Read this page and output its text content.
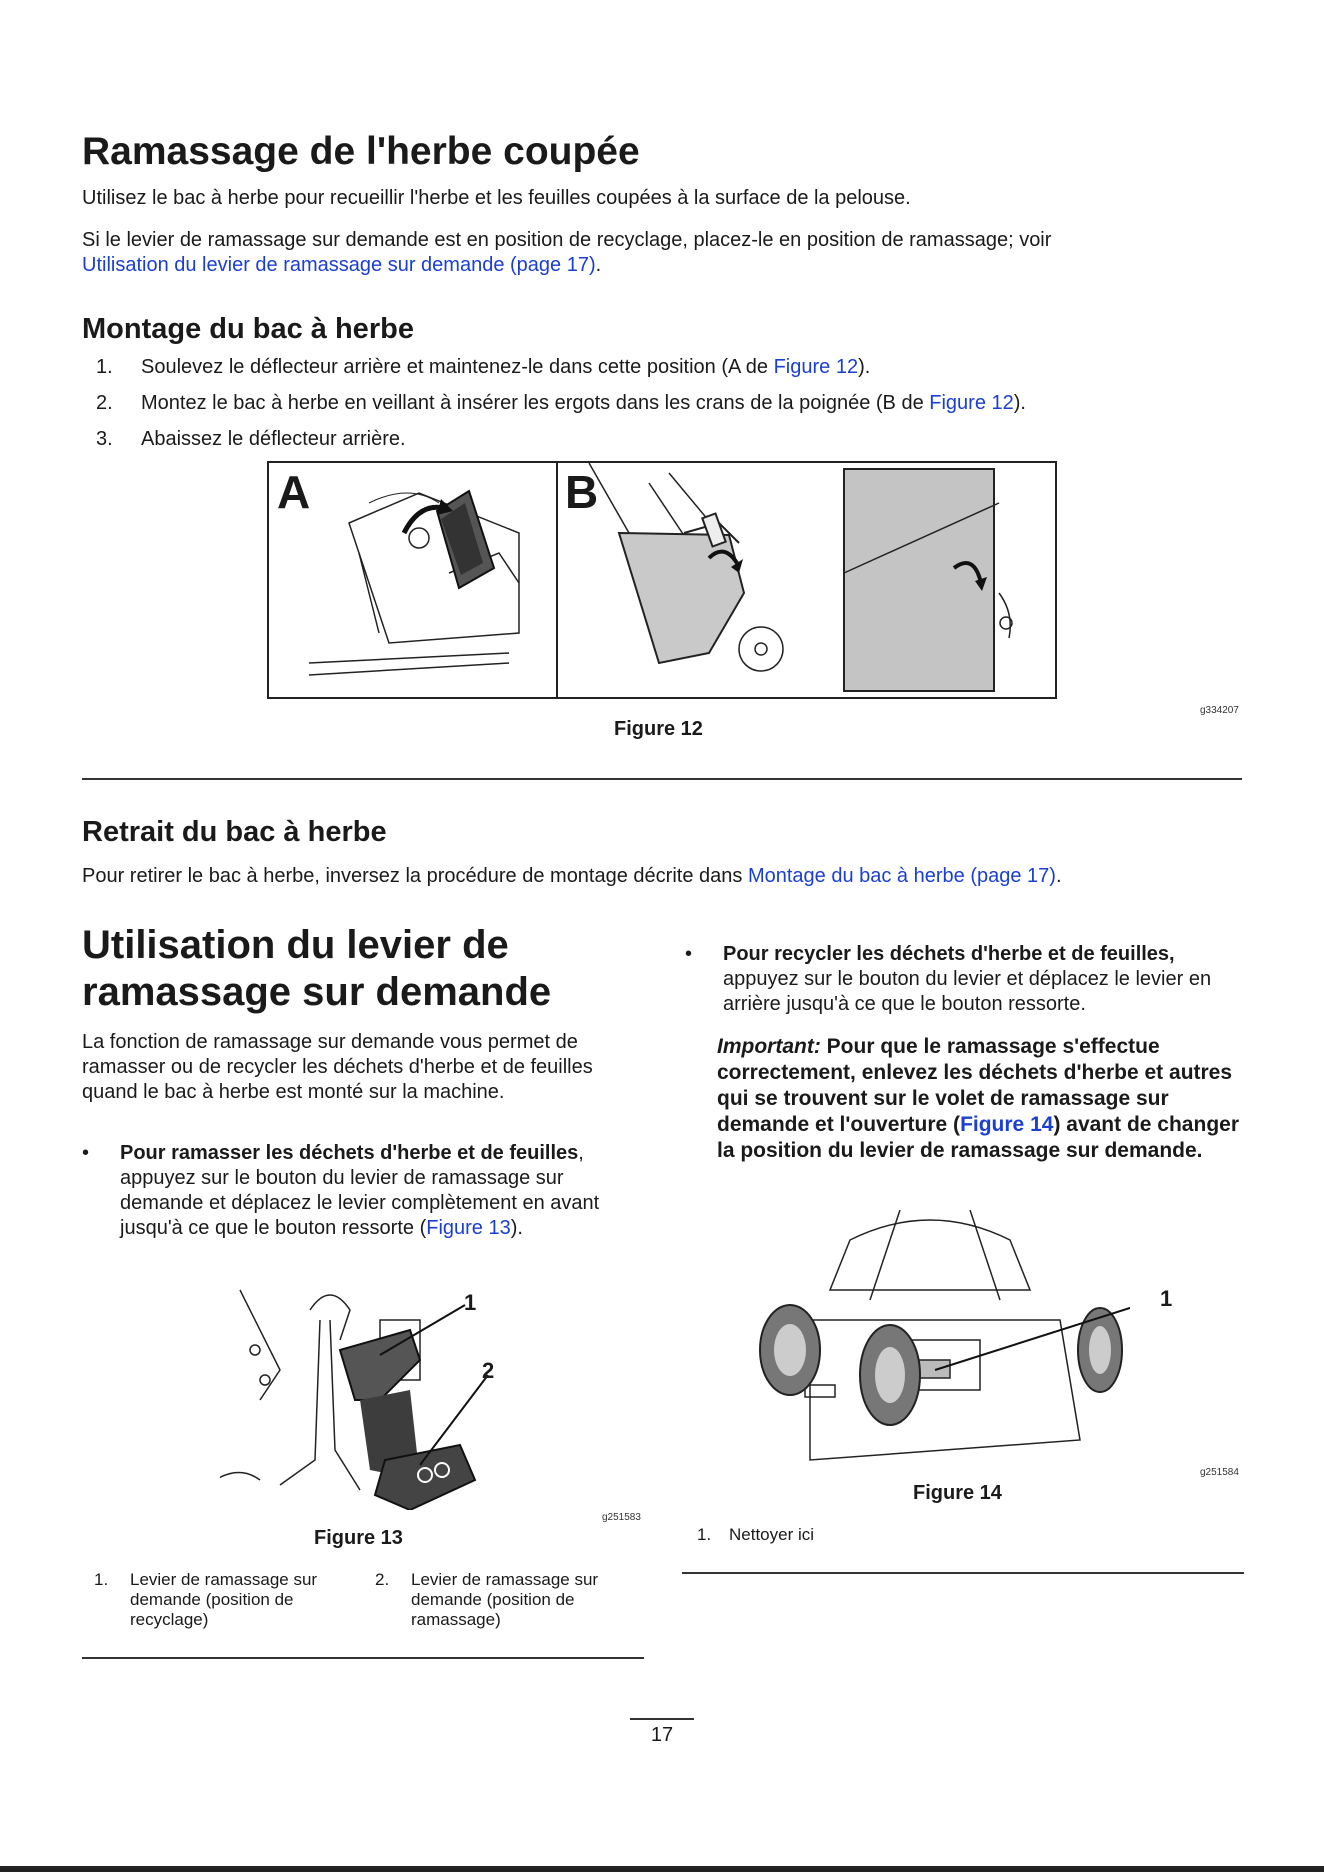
Ramassage de l'herbe coupée

Utilisez le bac à herbe pour recueillir l'herbe et les feuilles coupées à la surface de la pelouse.

Si le levier de ramassage sur demande est en position de recyclage, placez-le en position de ramassage; voir
Utilisation du levier de ramassage sur demande (page 17).

Montage du bac à herbe
1. Soulevez le déflecteur arrière et maintenez-le dans cette position (A de Figure 12).
2. Montez le bac à herbe en veillant à insérer les ergots dans les crans de la poignée (B de Figure 12).
3. Abaissez le déflecteur arrière.
A	B
g334207
Figure 12
Retrait du bac à herbe

Pour retirer le bac à herbe, inversez la procédure de montage décrite dans Montage du bac à herbe (page 17).

Utilisation du levier de ramassage sur demande

La fonction de ramassage sur demande vous permet de ramasser ou de recycler les déchets d'herbe et de feuilles quand le bac à herbe est monté sur la machine.

• Pour ramasser les déchets d'herbe et de feuilles, appuyez sur le bouton du levier de ramassage sur demande et déplacez le levier complètement en avant jusqu'à ce que le bouton ressorte (Figure 13).
1
2
g251583
Figure 13
1. Levier de ramassage sur demande (position de recyclage)
2. Levier de ramassage sur demande (position de ramassage)
• Pour recycler les déchets d'herbe et de feuilles, appuyez sur le bouton du levier et déplacez le levier en arrière jusqu'à ce que le bouton ressorte.
Important: Pour que le ramassage s'effectue correctement, enlevez les déchets d'herbe et autres qui se trouvent sur le volet de ramassage sur demande et l'ouverture (Figure 14) avant de changer la position du levier de ramassage sur demande.
1
g251584
Figure 14
1. Nettoyer ici
17
